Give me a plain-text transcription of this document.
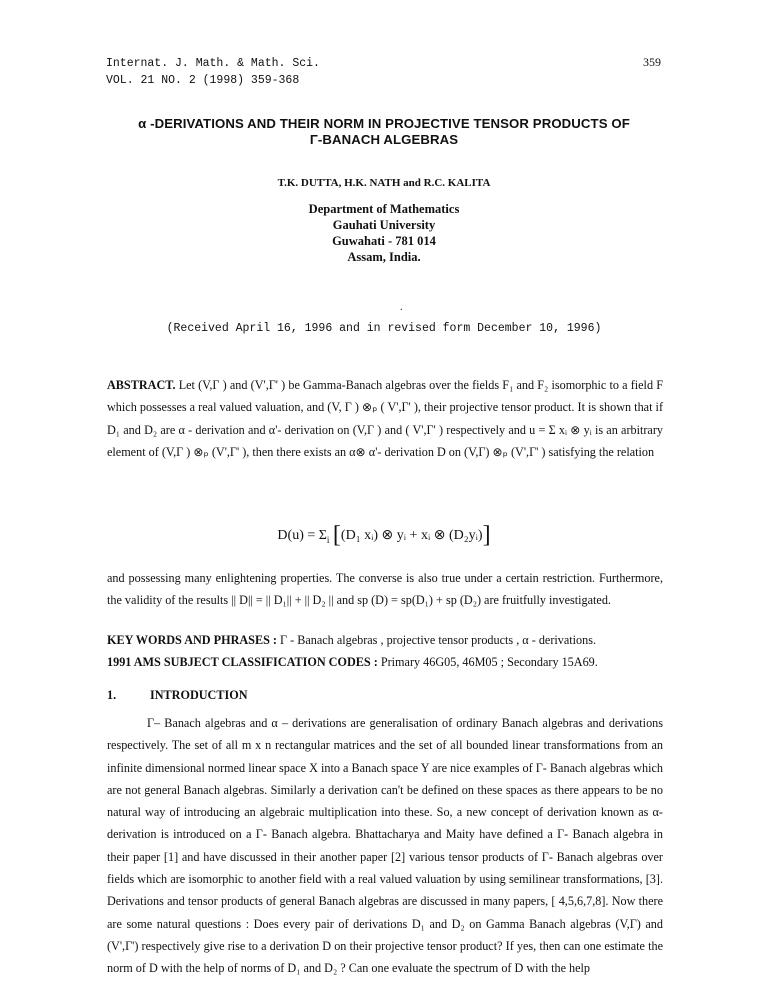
Internat. J. Math. & Math. Sci.
VOL. 21 NO. 2 (1998) 359-368
359
α -DERIVATIONS AND THEIR NORM IN PROJECTIVE TENSOR PRODUCTS OF
Γ-BANACH ALGEBRAS
T.K. DUTTA, H.K. NATH and R.C. KALITA
Department of Mathematics
Gauhati University
Guwahati - 781 014
Assam, India.
.
(Received April 16, 1996 and in revised form December 10, 1996)

ABSTRACT. Let (V,Γ ) and (V',Γ' ) be Gamma-Banach algebras over the fields F₁ and F₂ isomorphic to a field F which possesses a real valued valuation, and (V, Γ ) ⊗ₚ ( V',Γ' ), their projective tensor product. It is shown that if D₁ and D₂ are α - derivation and α'- derivation on (V,Γ ) and ( V',Γ' ) respectively and u = Σ xᵢ ⊗ yᵢ is an arbitrary element of (V,Γ ) ⊗ₚ (V',Γ' ), then there exists an α⊗ α'- derivation D on (V,Γ) ⊗ₚ (V',Γ' ) satisfying the relation

$D(u) = \Sigma_i$ [(D₁ xᵢ) ⊗ yᵢ + xᵢ ⊗ (D₂yᵢ)]

and possessing many enlightening properties. The converse is also true under a certain restriction. Furthermore, the validity of the results || D|| = || D₁|| + || D₂ || and sp (D) = sp(D₁) + sp (D₂) are fruitfully investigated.

KEY WORDS AND PHRASES : Γ - Banach algebras , projective tensor products , α - derivations.
1991 AMS SUBJECT CLASSIFICATION CODES : Primary 46G05, 46M05 ; Secondary 15A69.
1.	INTRODUCTION

Γ– Banach algebras and α – derivations are generalisation of ordinary Banach algebras and derivations respectively. The set of all m x n rectangular matrices and the set of all bounded linear transformations from an infinite dimensional normed linear space X into a Banach space Y are nice examples of Γ- Banach algebras which are not general Banach algebras. Similarly a derivation can't be defined on these spaces as there appears to be no natural way of introducing an algebraic multiplication into these. So, a new concept of derivation known as α- derivation is introduced on a Γ- Banach algebra. Bhattacharya and Maity have defined a Γ- Banach algebra in their paper [1] and have discussed in their another paper [2] various tensor products of Γ- Banach algebras over fields which are isomorphic to another field with a real valued valuation by using semilinear transformations, [3]. Derivations and tensor products of general Banach algebras are discussed in many papers, [ 4,5,6,7,8]. Now there are some natural questions : Does every pair of derivations D₁ and D₂ on Gamma Banach algebras (V,Γ) and (V',Γ') respectively give rise to a derivation D on their projective tensor product? If yes, then can one estimate the norm of D with the help of norms of D₁ and D₂ ? Can one evaluate the spectrum of D with the help
